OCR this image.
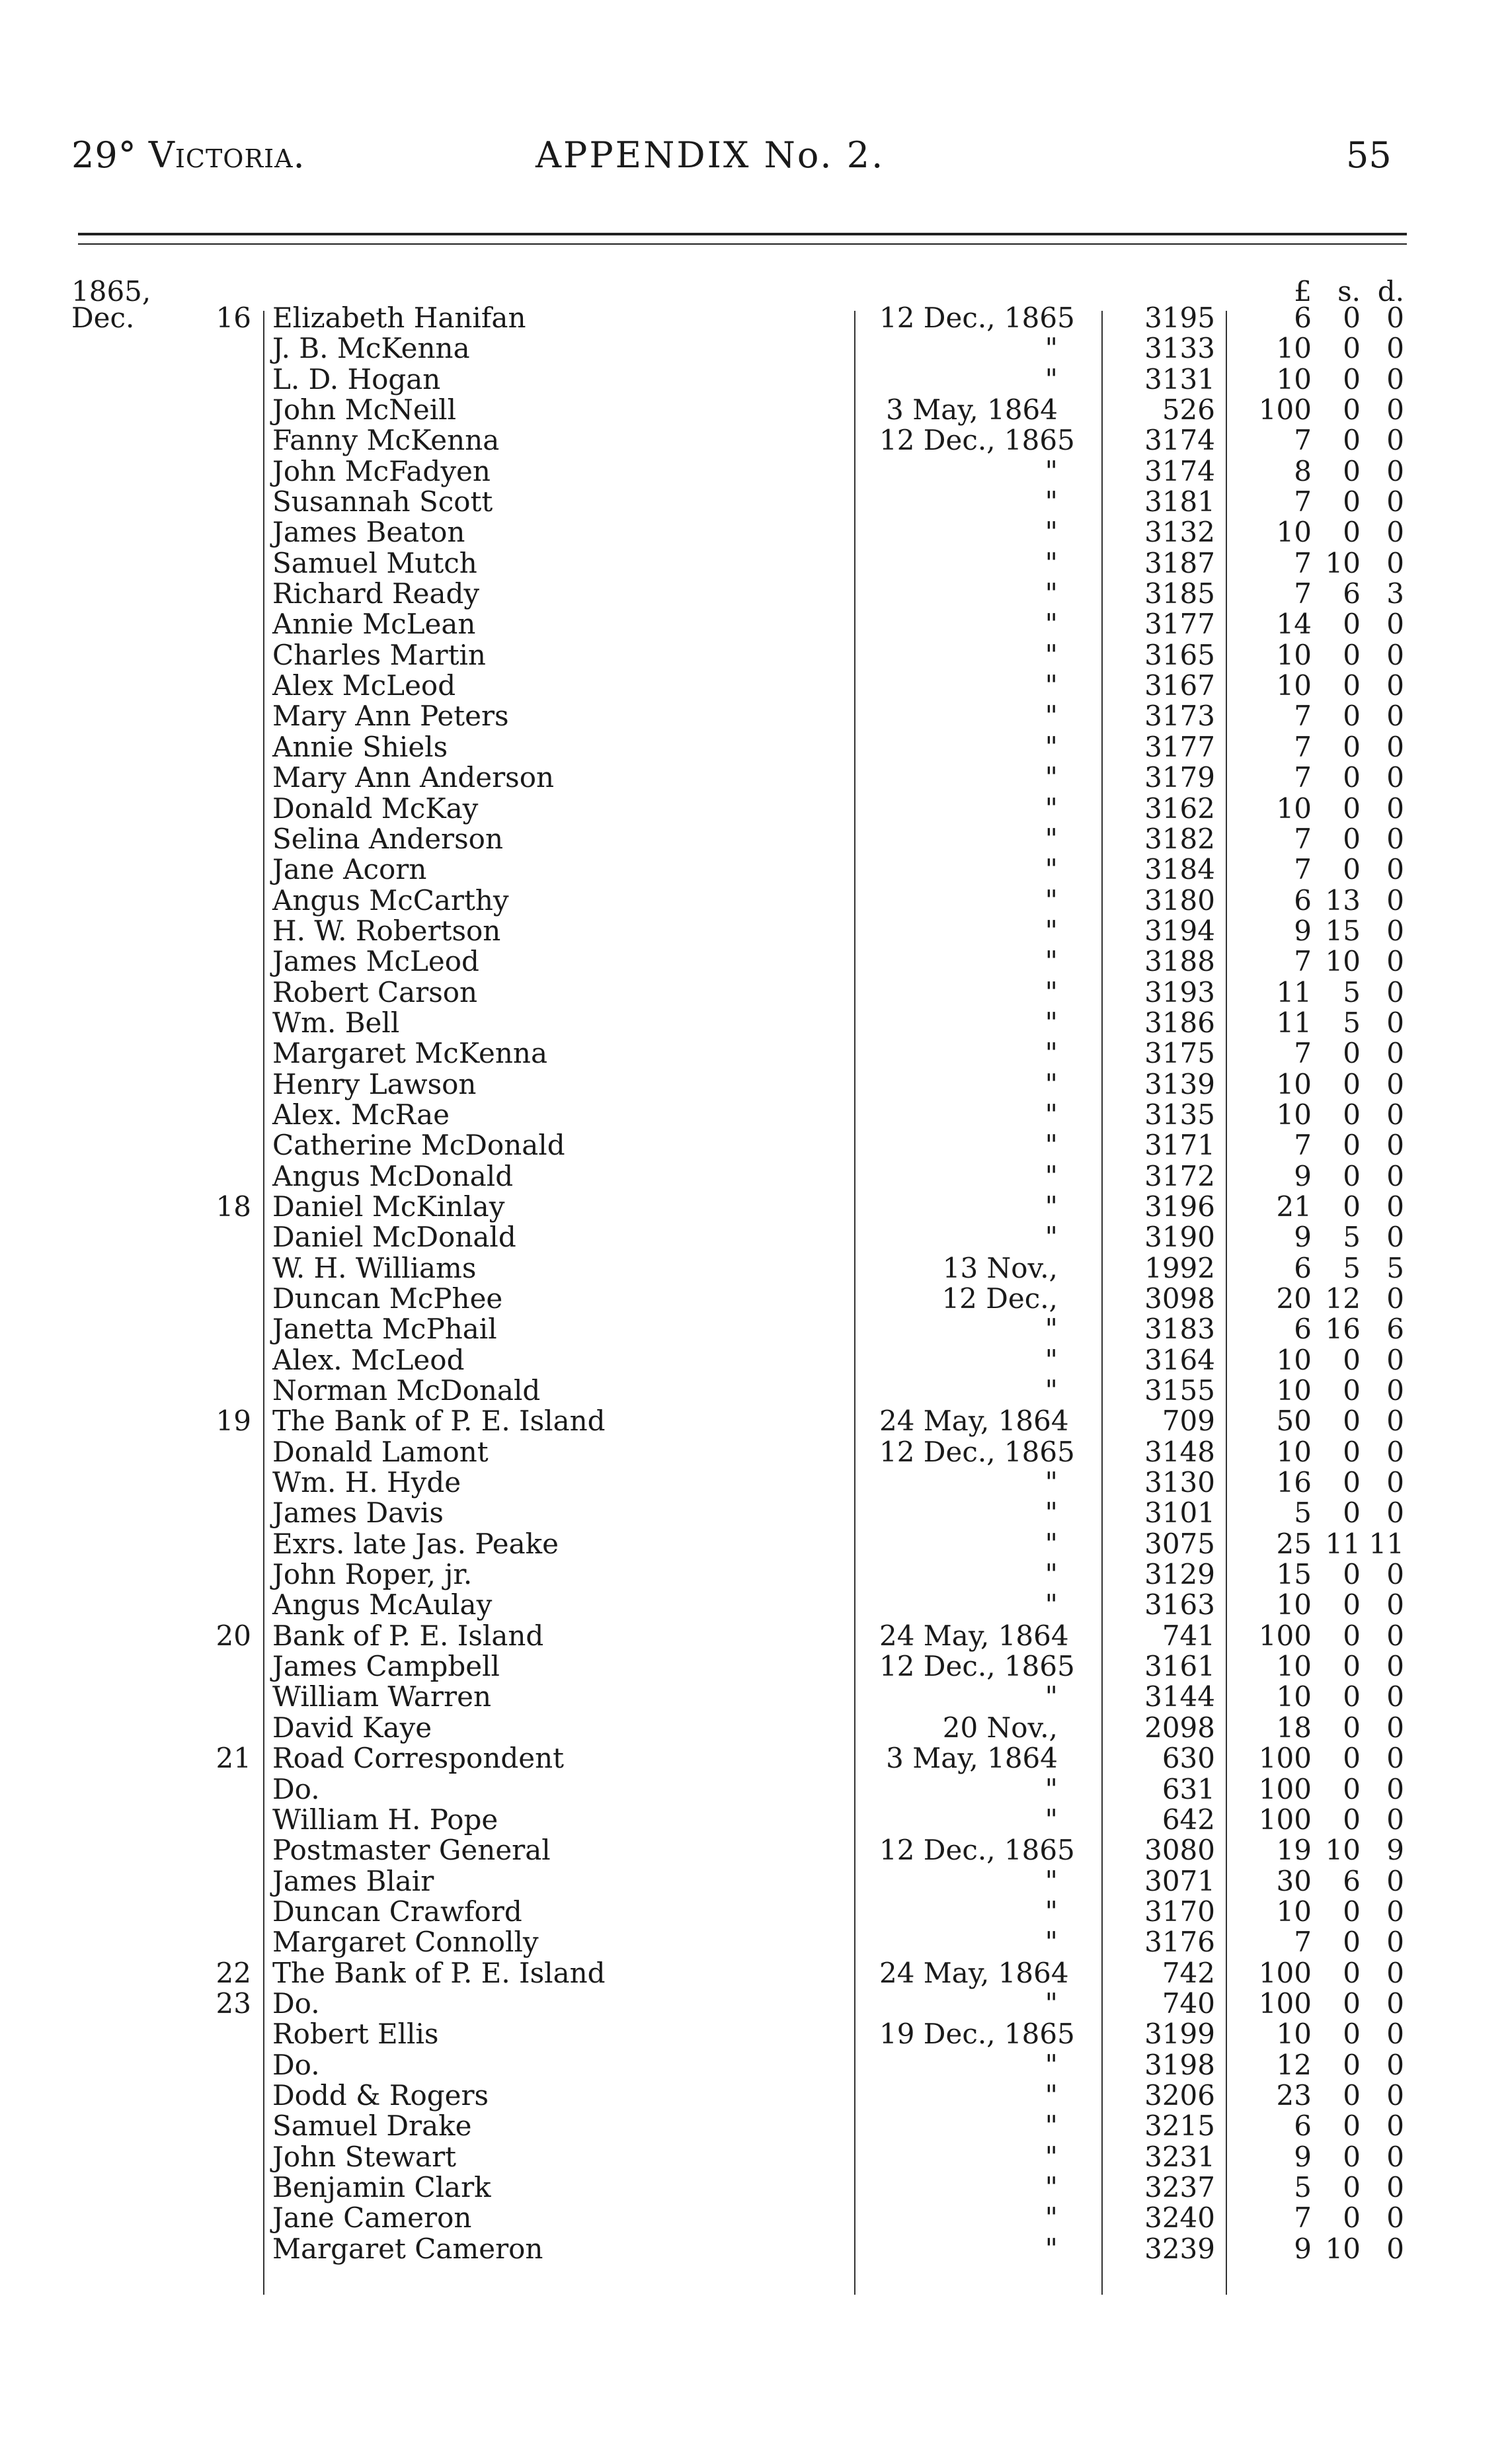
29° Victoria.	APPENDIX No. 2.	55
1865,	£ s. d.
Dec.	16 Elizabeth Hanifan	12 Dec., 1865	3195	6	0 0
J. B. McKenna	"	3133	10	0 0
L. D. Hogan	"	3131	10	0 0
John McNeill	3 May, 1864	526	100	0 0
Fanny McKenna	12 Dec., 1865	3174	7	0 0
John McFadyen	"	3174	8	0 0
Susannah Scott	"	3181	7	0 0
James Beaton	"	3132	10	0 0
Samuel Mutch	"	3187	7 10 0
Richard Ready	"	3185	7	6 3
Annie McLean	"	3177	14	0 0
Charles Martin	"	3165	10	0 0
Alex McLeod	"	3167	10	0 0
Mary Ann Peters	"	3173	7	0 0
Annie Shiels	"	3177	7	0 0
Mary Ann Anderson	"	3179	7	0 0
Donald McKay	"	3162	10	0 0
Selina Anderson	"	3182	7	0 0
Jane Acorn	"	3184	7	0 0
Angus McCarthy	"	3180	6 13 0
H. W. Robertson	"	3194	9 15 0
James McLeod	"	3188	7 10 0
Robert Carson	"	3193	11	5 0
Wm. Bell	"	3186	11	5 0
Margaret McKenna	"	3175	7	0 0
Henry Lawson	"	3139	10	0 0
Alex. McRae	"	3135	10	0 0
Catherine McDonald	"	3171	7	0 0
Angus McDonald	"	3172	9	0 0
18 Daniel McKinlay	"	3196	21	0 0
Daniel McDonald	"	3190	9	5 0
W. H. Williams	13 Nov.,	1992	6	5 5
Duncan McPhee	12 Dec.,	3098	20 12 0
Janetta McPhail	"	3183	6 16 6
Alex. McLeod	"	3164	10	0 0
Norman McDonald	"	3155	10	0 0
19 The Bank of P. E. Island	24 May, 1864	709	50	0 0
Donald Lamont	12 Dec., 1865	3148	10	0 0
Wm. H. Hyde	"	3130	16	0 0
James Davis	"	3101	5	0 0
Exrs. late Jas. Peake	"	3075	25 11 11
John Roper, jr.	"	3129	15	0 0
Angus McAulay	"	3163	10	0 0
20 Bank of P. E. Island	24 May, 1864	741	100	0 0
James Campbell	12 Dec., 1865	3161	10	0 0
William Warren	"	3144	10	0 0
David Kaye	20 Nov.,	2098	18	0 0
21 Road Correspondent	3 May, 1864	630	100	0 0
Do.	"	631	100	0 0
William H. Pope	"	642	100	0 0
Postmaster General	12 Dec., 1865	3080	19 10 9
James Blair	"	3071	30	6 0
Duncan Crawford	"	3170	10	0 0
Margaret Connolly	"	3176	7	0 0
22 The Bank of P. E. Island	24 May, 1864	742	100	0 0
23 Do.	"	740	100	0 0
Robert Ellis	19 Dec., 1865	3199	10	0 0
Do.	"	3198	12	0 0
Dodd & Rogers	"	3206	23	0 0
Samuel Drake	"	3215	6	0 0
John Stewart	"	3231	9	0 0
Benjamin Clark	"	3237	5	0 0
Jane Cameron	"	3240	7	0 0
Margaret Cameron	"	3239	9 10 0
